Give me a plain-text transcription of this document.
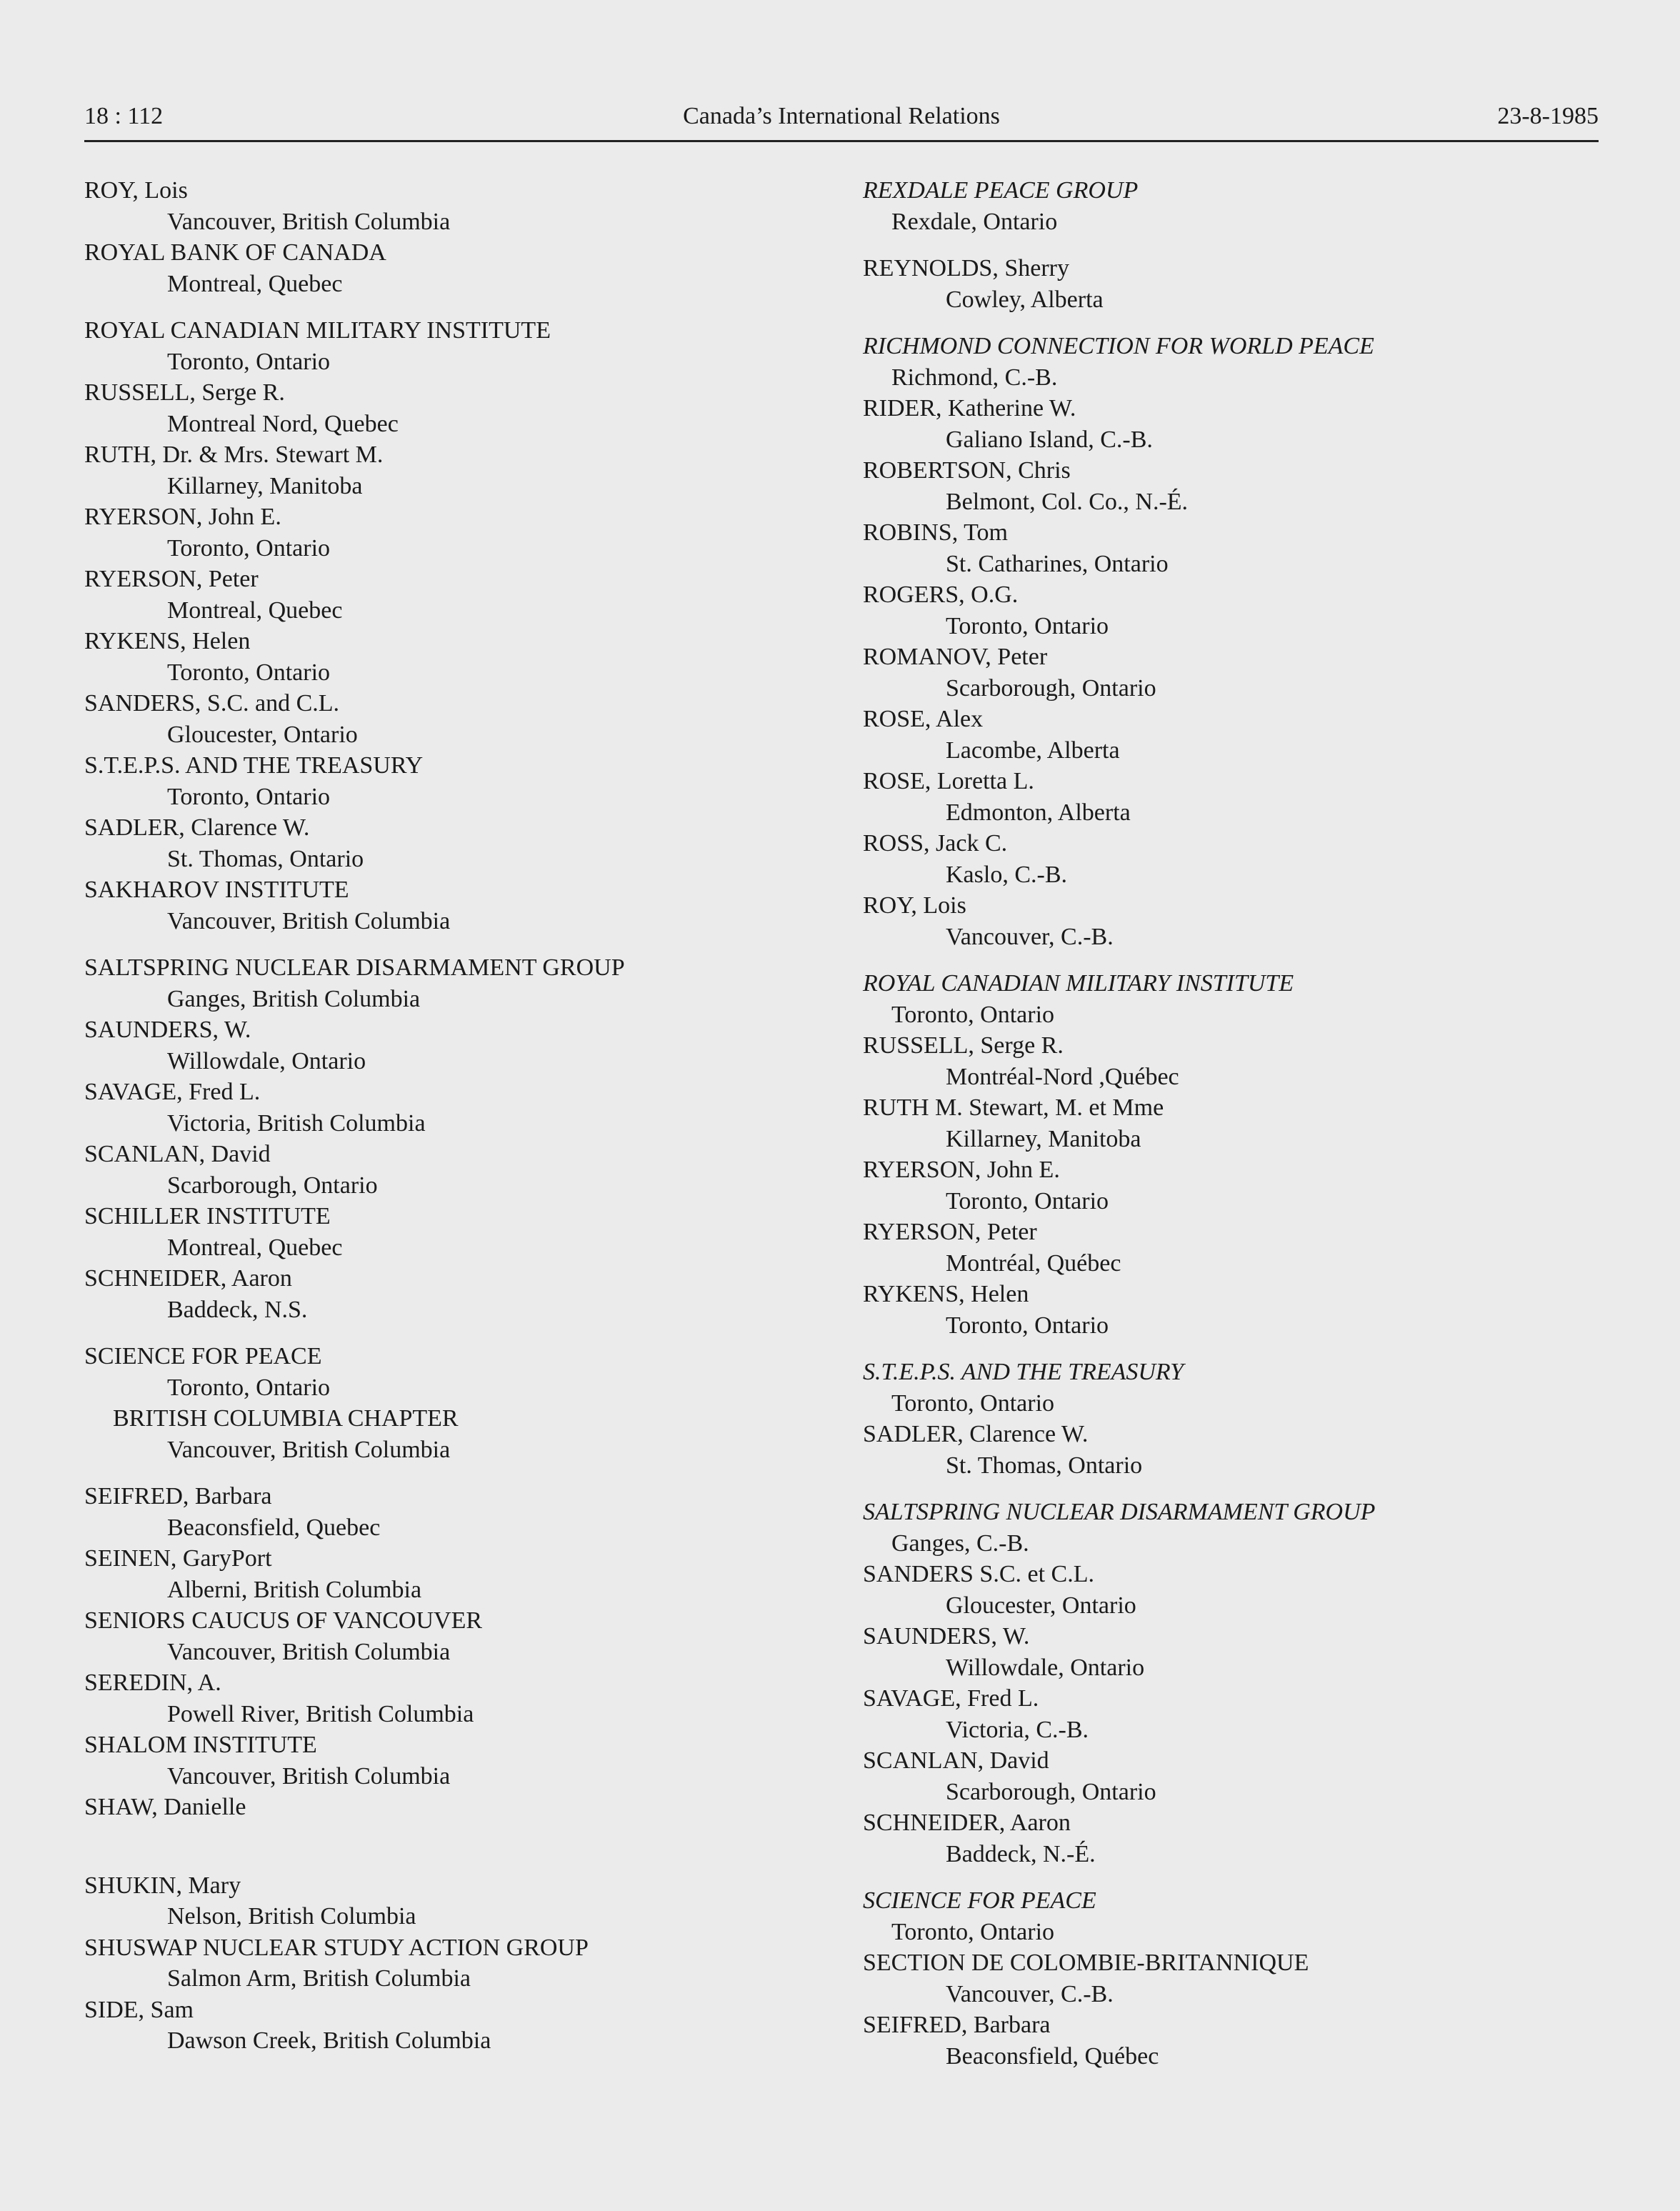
18 : 112	Canada’s International Relations	23-8-1985
ROY, Lois
Vancouver, British Columbia
ROYAL BANK OF CANADA
Montreal, Quebec
ROYAL CANADIAN MILITARY INSTITUTE
Toronto, Ontario
RUSSELL, Serge R.
Montreal Nord, Quebec
RUTH, Dr. & Mrs. Stewart M.
Killarney, Manitoba
RYERSON, John E.
Toronto, Ontario
RYERSON, Peter
Montreal, Quebec
RYKENS, Helen
Toronto, Ontario
SANDERS, S.C. and C.L.
Gloucester, Ontario
S.T.E.P.S. AND THE TREASURY
Toronto, Ontario
SADLER, Clarence W.
St. Thomas, Ontario
SAKHAROV INSTITUTE
Vancouver, British Columbia
SALTSPRING NUCLEAR DISARMAMENT GROUP
Ganges, British Columbia
SAUNDERS, W.
Willowdale, Ontario
SAVAGE, Fred L.
Victoria, British Columbia
SCANLAN, David
Scarborough, Ontario
SCHILLER INSTITUTE
Montreal, Quebec
SCHNEIDER, Aaron
Baddeck, N.S.
SCIENCE FOR PEACE
Toronto, Ontario
BRITISH COLUMBIA CHAPTER
Vancouver, British Columbia
SEIFRED, Barbara
Beaconsfield, Quebec
SEINEN, GaryPort
Alberni, British Columbia
SENIORS CAUCUS OF VANCOUVER
Vancouver, British Columbia
SEREDIN, A.
Powell River, British Columbia
SHALOM INSTITUTE
Vancouver, British Columbia
SHAW, Danielle
SHUKIN, Mary
Nelson, British Columbia
SHUSWAP NUCLEAR STUDY ACTION GROUP
Salmon Arm, British Columbia
SIDE, Sam
Dawson Creek, British Columbia
REXDALE PEACE GROUP
Rexdale, Ontario
REYNOLDS, Sherry
Cowley, Alberta
RICHMOND CONNECTION FOR WORLD PEACE
Richmond, C.-B.
RIDER, Katherine W.
Galiano Island, C.-B.
ROBERTSON, Chris
Belmont, Col. Co., N.-É.
ROBINS, Tom
St. Catharines, Ontario
ROGERS, O.G.
Toronto, Ontario
ROMANOV, Peter
Scarborough, Ontario
ROSE, Alex
Lacombe, Alberta
ROSE, Loretta L.
Edmonton, Alberta
ROSS, Jack C.
Kaslo, C.-B.
ROY, Lois
Vancouver, C.-B.
ROYAL CANADIAN MILITARY INSTITUTE
Toronto, Ontario
RUSSELL, Serge R.
Montréal-Nord ,Québec
RUTH M. Stewart, M. et Mme
Killarney, Manitoba
RYERSON, John E.
Toronto, Ontario
RYERSON, Peter
Montréal, Québec
RYKENS, Helen
Toronto, Ontario
S.T.E.P.S. AND THE TREASURY
Toronto, Ontario
SADLER, Clarence W.
St. Thomas, Ontario
SALTSPRING NUCLEAR DISARMAMENT GROUP
Ganges, C.-B.
SANDERS S.C. et C.L.
Gloucester, Ontario
SAUNDERS, W.
Willowdale, Ontario
SAVAGE, Fred L.
Victoria, C.-B.
SCANLAN, David
Scarborough, Ontario
SCHNEIDER, Aaron
Baddeck, N.-É.
SCIENCE FOR PEACE
Toronto, Ontario
SECTION DE COLOMBIE-BRITANNIQUE
Vancouver, C.-B.
SEIFRED, Barbara
Beaconsfield, Québec
